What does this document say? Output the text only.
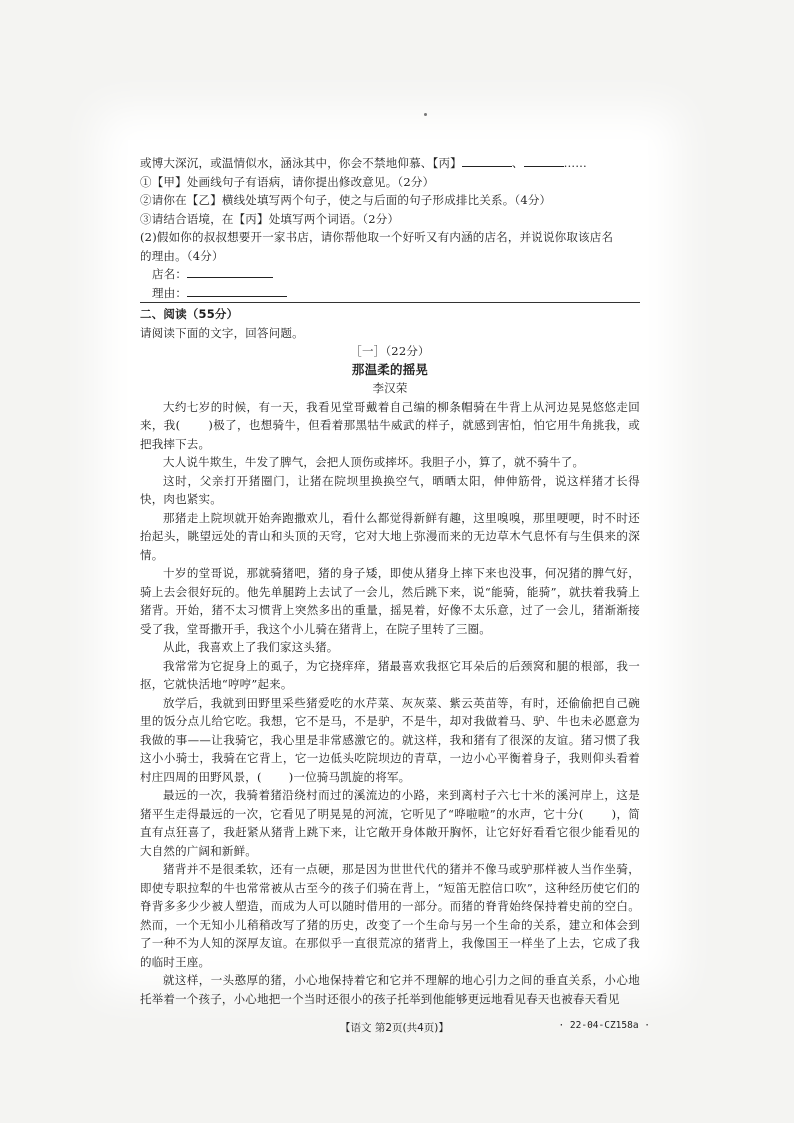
或博大深沉，或温情似水，涵泳其中，你会不禁地仰慕、【丙】	、	……
①【甲】处画线句子有语病，请你提出修改意见。（2分）
②请你在【乙】横线处填写两个句子，使之与后面的句子形成排比关系。（4分）
③请结合语境，在【丙】处填写两个词语。（2分）
(2)假如你的叔叔想要开一家书店，请你帮他取一个好听又有内涵的店名，并说说你取该店名
的理由。（4分）
店名：
理由：
二、阅读（55分）
请阅读下面的文字，回答问题。
［一］（22分）
那温柔的摇晃
李汉荣
大约七岁的时候，有一天，我看见堂哥戴着自己编的柳条帽骑在牛背上从河边晃晃悠悠走回来，我( )极了，也想骑牛，但看着那黑牯牛威武的样子，就感到害怕，怕它用牛角挑我，或把我摔下去。
大人说牛欺生，牛发了脾气，会把人顶伤或摔坏。我胆子小，算了，就不骑牛了。
这时，父亲打开猪圈门，让猪在院坝里换换空气，晒晒太阳，伸伸筋骨，说这样猪才长得快，肉也紧实。
那猪走上院坝就开始奔跑撒欢儿，看什么都觉得新鲜有趣，这里嗅嗅，那里哽哽，时不时还抬起头，眺望远处的青山和头顶的天穹，它对大地上弥漫而来的无边草木气息怀有与生俱来的深情。
十岁的堂哥说，那就骑猪吧，猪的身子矮，即使从猪身上摔下来也没事，何况猪的脾气好，骑上去会很好玩的。他先单腿跨上去试了一会儿，然后跳下来，说“能骑，能骑”，就扶着我骑上猪背。开始，猪不太习惯背上突然多出的重量，摇晃着，好像不太乐意，过了一会儿，猪渐渐接受了我，堂哥撒开手，我这个小儿骑在猪背上，在院子里转了三圈。
从此，我喜欢上了我们家这头猪。
我常常为它捉身上的虱子，为它挠痒痒，猪最喜欢我抠它耳朵后的后颈窝和腿的根部，我一抠，它就快活地“哼哼”起来。
放学后，我就到田野里采些猪爱吃的水芹菜、灰灰菜、紫云英苗等，有时，还偷偷把自己碗里的饭分点儿给它吃。我想，它不是马，不是驴，不是牛，却对我做着马、驴、牛也未必愿意为我做的事——让我骑它，我心里是非常感激它的。就这样，我和猪有了很深的友谊。猪习惯了我这小小骑士，我骑在它背上，它一边低头吃院坝边的青草，一边小心平衡着身子，我则仰头看着村庄四周的田野风景，( )一位骑马凯旋的将军。
最远的一次，我骑着猪沿绕村而过的溪流边的小路，来到离村子六七十米的溪河岸上，这是猪平生走得最远的一次，它看见了明晃晃的河流，它听见了“哗啦啦”的水声，它十分( )，简直有点狂喜了，我赶紧从猪背上跳下来，让它敞开身体敞开胸怀，让它好好看看它很少能看见的大自然的广阔和新鲜。
猪背并不是很柔软，还有一点硬，那是因为世世代代的猪并不像马或驴那样被人当作坐骑，即使专职拉犁的牛也常常被从古至今的孩子们骑在背上，“短笛无腔信口吹”，这种经历使它们的脊背多多少少被人塑造，而成为人可以随时借用的一部分。而猪的脊背始终保持着史前的空白。然而，一个无知小儿稍稍改写了猪的历史，改变了一个生命与另一个生命的关系，建立和体会到了一种不为人知的深厚友谊。在那似乎一直很荒凉的猪背上，我像国王一样坐了上去，它成了我的临时王座。
就这样，一头憨厚的猪，小心地保持着它和它并不理解的地心引力之间的垂直关系，小心地托举着一个孩子，小心地把一个当时还很小的孩子托举到他能够更远地看见春天也被春天看见
【语文 第2页(共4页)】	· 22-04-CZ158a ·
